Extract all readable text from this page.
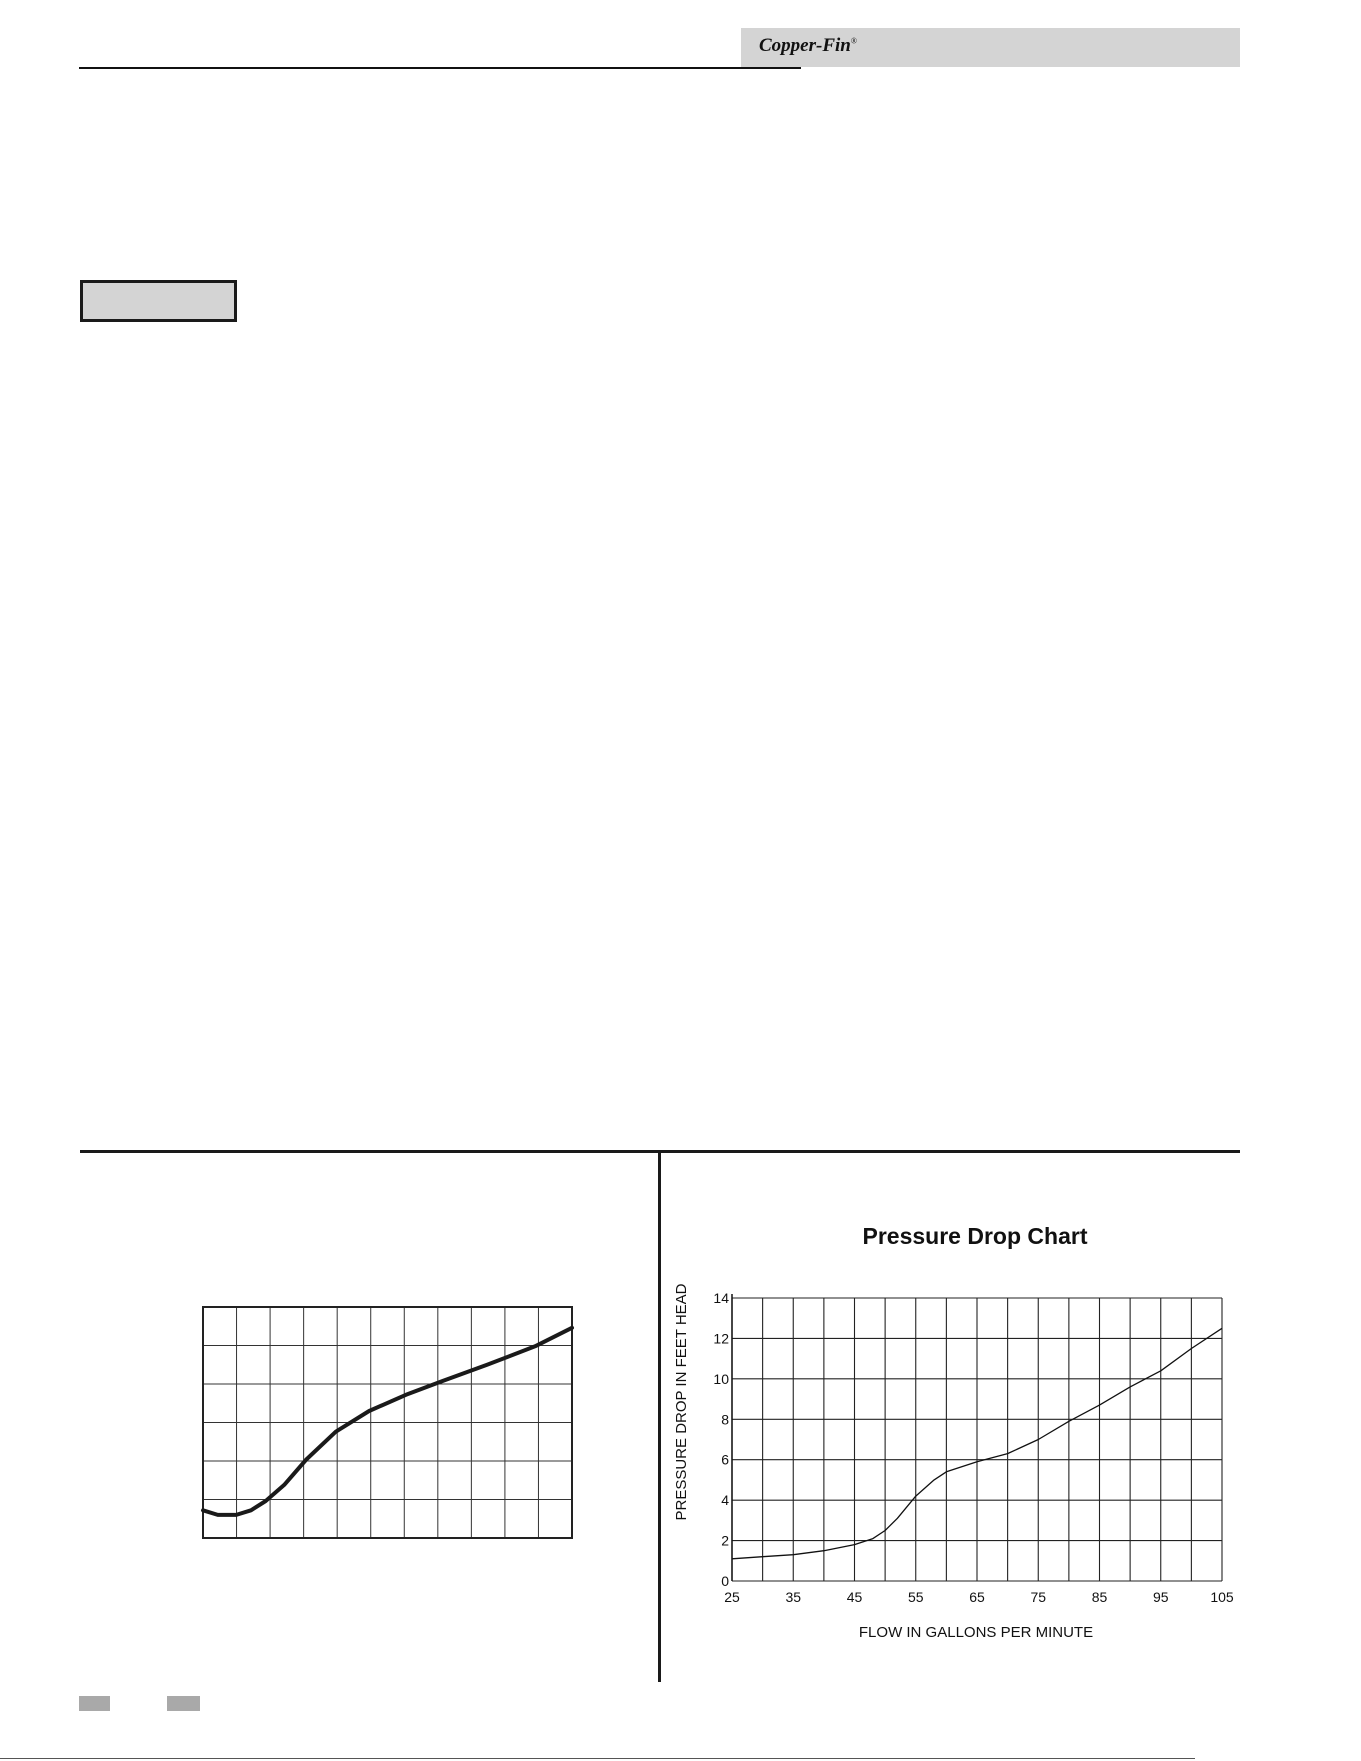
Copper-Fin®
Pressure Drop Chart
PRESSURE DROP IN FEET HEAD
FLOW IN GALLONS PER MINUTE
25	35	45	55	65	75	85	95	105
0
2
4
6
8
10
12
14
